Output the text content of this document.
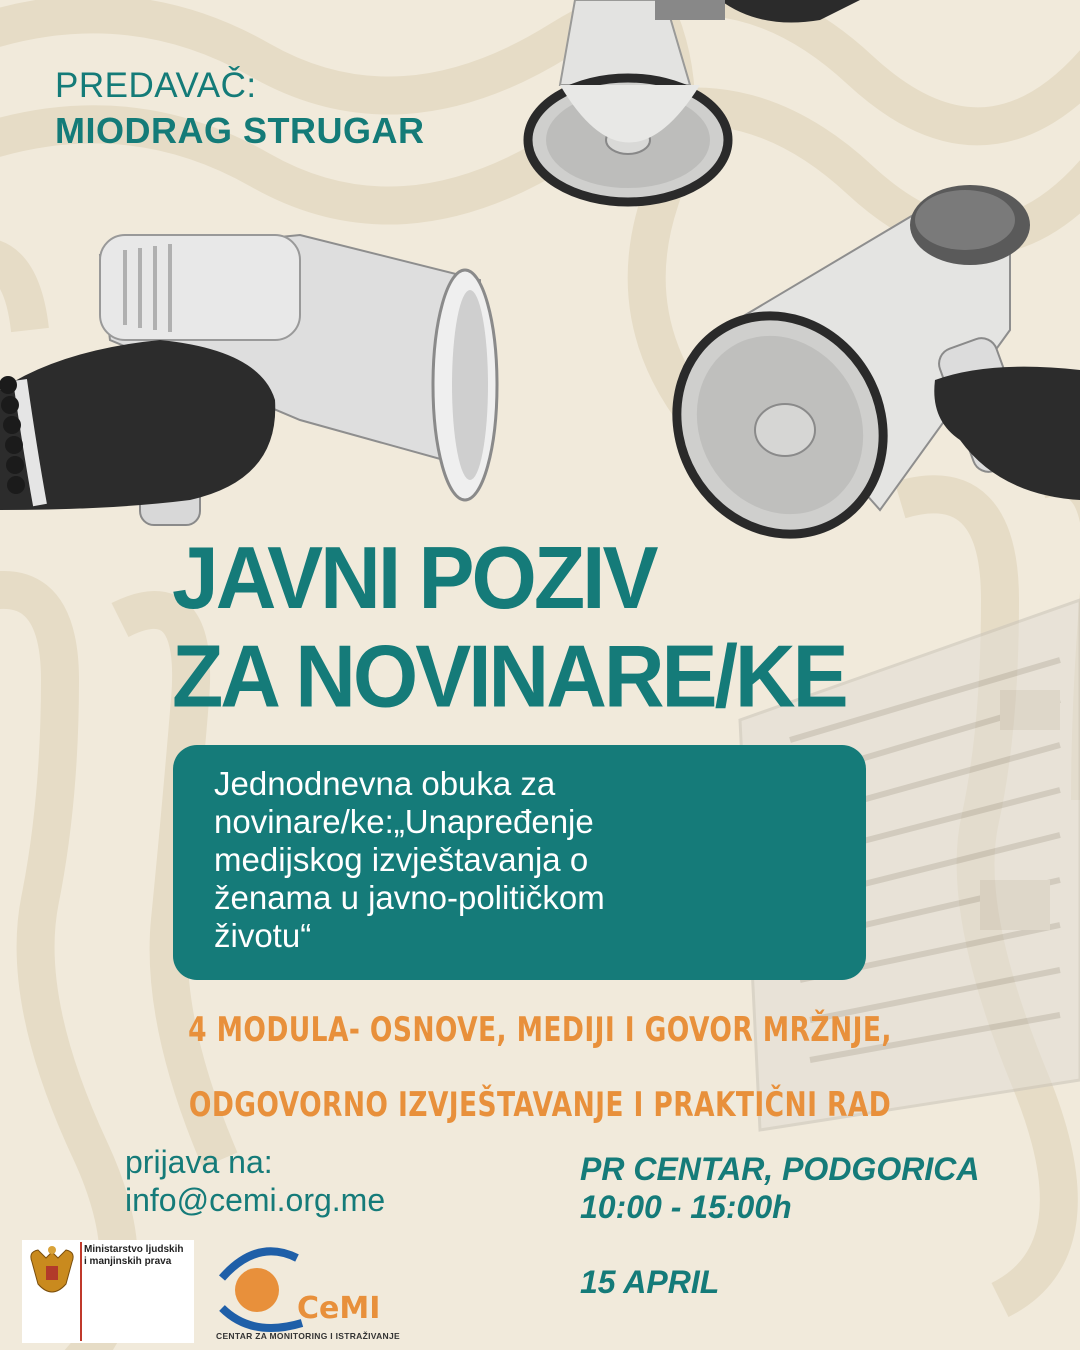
PREDAVAČ:
MIODRAG STRUGAR
JAVNI POZIV
ZA NOVINARE/KE
Jednodnevna obuka za
novinare/ke:„Unapređenje
medijskog izvještavanja o
ženama u javno-političkom
životu“
4 MODULA- OSNOVE, MEDIJI I GOVOR MRŽNJE,
ODGOVORNO IZVJEŠTAVANJE I PRAKTIČNI RAD
prijava na:
info@cemi.org.me
PR CENTAR, PODGORICA
10:00 - 15:00h
15 APRIL
Ministarstvo ljudskih
i manjinskih prava
CeMI
CENTAR ZA MONITORING I ISTRAŽIVANJE
